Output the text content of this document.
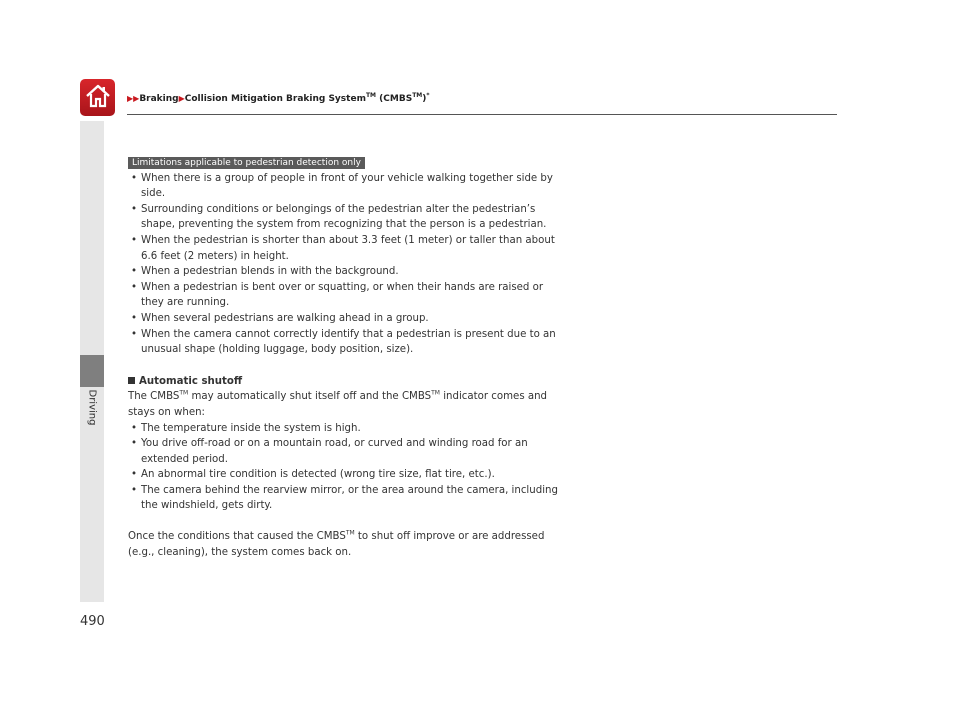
▶▶Braking▶Collision Mitigation Braking System™ (CMBS™)*
Driving
490
Limitations applicable to pedestrian detection only
• When there is a group of people in front of your vehicle walking together side by side.
• Surrounding conditions or belongings of the pedestrian alter the pedestrian’s shape, preventing the system from recognizing that the person is a pedestrian.
• When the pedestrian is shorter than about 3.3 feet (1 meter) or taller than about 6.6 feet (2 meters) in height.
• When a pedestrian blends in with the background.
• When a pedestrian is bent over or squatting, or when their hands are raised or they are running.
• When several pedestrians are walking ahead in a group.
• When the camera cannot correctly identify that a pedestrian is present due to an unusual shape (holding luggage, body position, size).
Automatic shutoff
The CMBS™ may automatically shut itself off and the CMBS™ indicator comes and stays on when:
• The temperature inside the system is high.
• You drive off-road or on a mountain road, or curved and winding road for an extended period.
• An abnormal tire condition is detected (wrong tire size, flat tire, etc.).
• The camera behind the rearview mirror, or the area around the camera, including the windshield, gets dirty.
Once the conditions that caused the CMBS™ to shut off improve or are addressed (e.g., cleaning), the system comes back on.
